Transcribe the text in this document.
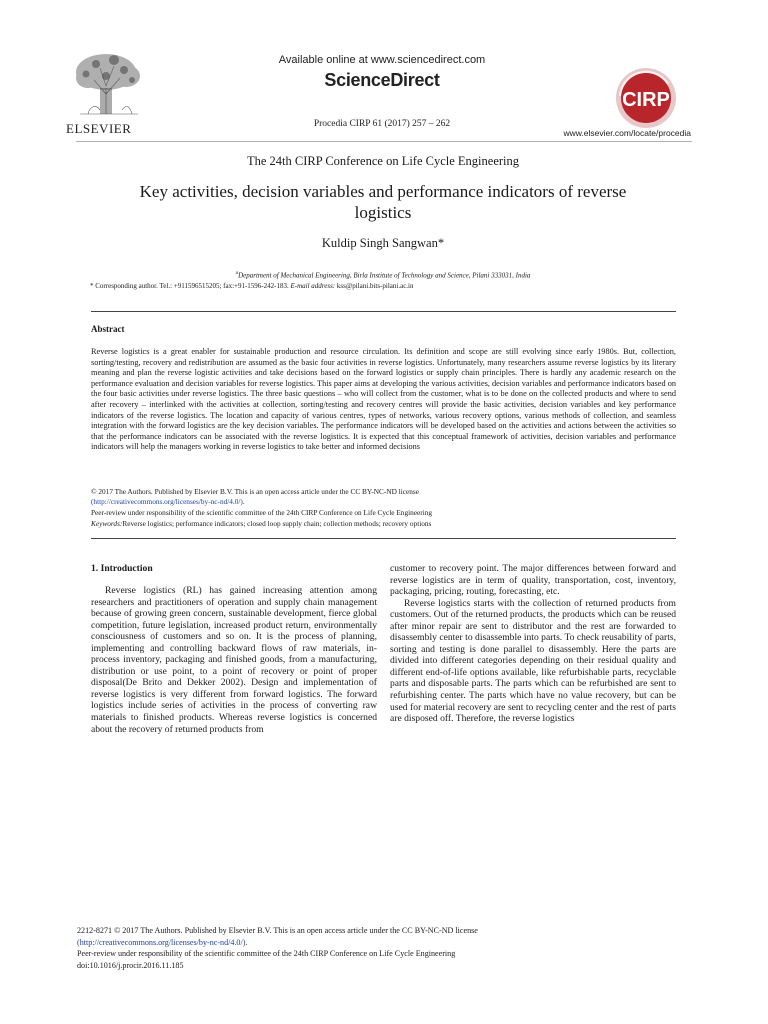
ELSEVIER
Available online at www.sciencedirect.com
ScienceDirect
Procedia CIRP 61 (2017) 257 – 262
CIRP
www.elsevier.com/locate/procedia
The 24th CIRP Conference on Life Cycle Engineering
Key activities, decision variables and performance indicators of reverse
logistics
Kuldip Singh Sangwan*
$^a$Department of Mechanical Engineering, Birla Institute of Technology and Science, Pilani 333031, India
* Corresponding author. Tel.: +911596515205; fax:+91-1596-242-183. E-mail address: kss@pilani.bits-pilani.ac.in
Abstract
Reverse logistics is a great enabler for sustainable production and resource circulation. Its definition and scope are still evolving since early 1980s. But, collection, sorting/testing, recovery and redistribution are assumed as the basic four activities in reverse logistics. Unfortunately, many researchers assume reverse logistics by its literary meaning and plan the reverse logistic activities and take decisions based on the forward logistics or supply chain principles. There is hardly any academic research on the performance evaluation and decision variables for reverse logistics. This paper aims at developing the various activities, decision variables and performance indicators based on the four basic activities under reverse logistics. The three basic questions – who will collect from the customer, what is to be done on the collected products and where to send after recovery – interlinked with the activities at collection, sorting/testing and recovery centres will provide the basic activities, decision variables and key performance indicators of the reverse logistics. The location and capacity of various centres, types of networks, various recovery options, various methods of collection, and seamless integration with the forward logistics are the key decision variables. The performance indicators will be developed based on the activities and actions between the activities so that the performance indicators can be associated with the reverse logistics. It is expected that this conceptual framework of activities, decision variables and performance indicators will help the managers working in reverse logistics to take better and informed decisions
© 2017 The Authors. Published by Elsevier B.V. This is an open access article under the CC BY-NC-ND license
(http://creativecommons.org/licenses/by-nc-nd/4.0/).
Peer-review under responsibility of the scientific committee of the 24th CIRP Conference on Life Cycle Engineering
Keywords:Reverse logistics; performance indicators; closed loop supply chain; collection methods; recovery options
1. Introduction

Reverse logistics (RL) has gained increasing attention among researchers and practitioners of operation and supply chain management because of growing green concern, sustainable development, fierce global competition, future legislation, increased product return, environmentally consciousness of customers and so on. It is the process of planning, implementing and controlling backward flows of raw materials, in-process inventory, packaging and finished goods, from a manufacturing, distribution or use point, to a point of recovery or point of proper disposal(De Brito and Dekker 2002). Design and implementation of reverse logistics is very different from forward logistics. The forward logistics include series of activities in the process of converting raw materials to finished products. Whereas reverse logistics is concerned about the recovery of returned products from

customer to recovery point. The major differences between forward and reverse logistics are in term of quality, transportation, cost, inventory, packaging, pricing, routing, forecasting, etc.

Reverse logistics starts with the collection of returned products from customers. Out of the returned products, the products which can be reused after minor repair are sent to distributor and the rest are forwarded to disassembly center to disassemble into parts. To check reusability of parts, sorting and testing is done parallel to disassembly. Here the parts are divided into different categories depending on their residual quality and different end-of-life options available, like refurbishable parts, recyclable parts and disposable parts. The parts which can be refurbished are sent to refurbishing center. The parts which have no value recovery, but can be used for material recovery are sent to recycling center and the rest of parts are disposed off. Therefore, the reverse logistics

2212-8271 © 2017 The Authors. Published by Elsevier B.V. This is an open access article under the CC BY-NC-ND license
(http://creativecommons.org/licenses/by-nc-nd/4.0/).
Peer-review under responsibility of the scientific committee of the 24th CIRP Conference on Life Cycle Engineering
doi:10.1016/j.procir.2016.11.185
